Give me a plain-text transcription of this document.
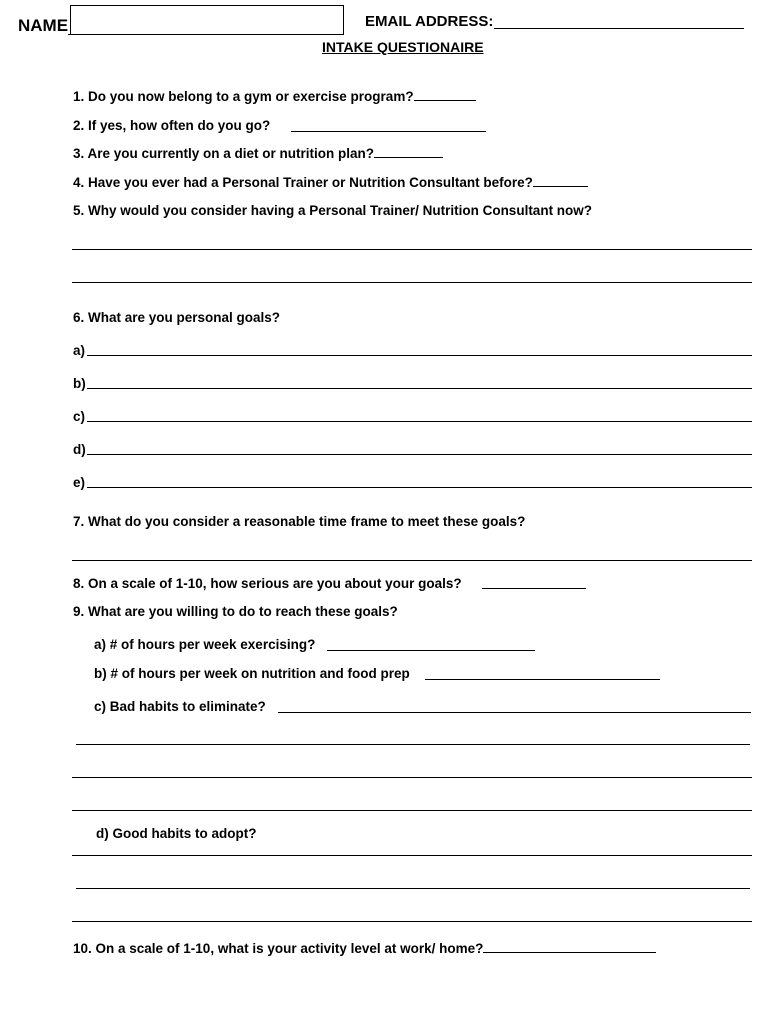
NAME	EMAIL ADDRESS:
INTAKE QUESTIONAIRE
1. Do you now belong to a gym or exercise program?
2. If yes, how often do you go?
3. Are you currently on a diet or nutrition plan?
4. Have you ever had a Personal Trainer or Nutrition Consultant before?
5. Why would you consider having a Personal Trainer/ Nutrition Consultant now?
6. What are you personal goals?
a)
b)
c)
d)
e)
7. What do you consider a reasonable time frame to meet these goals?
8. On a scale of 1-10, how serious are you about your goals?
9. What are you willing to do to reach these goals?
a) # of hours per week exercising?
b) # of hours per week on nutrition and food prep
c) Bad habits to eliminate?
d) Good habits to adopt?
10. On a scale of 1-10, what is your activity level at work/ home?
